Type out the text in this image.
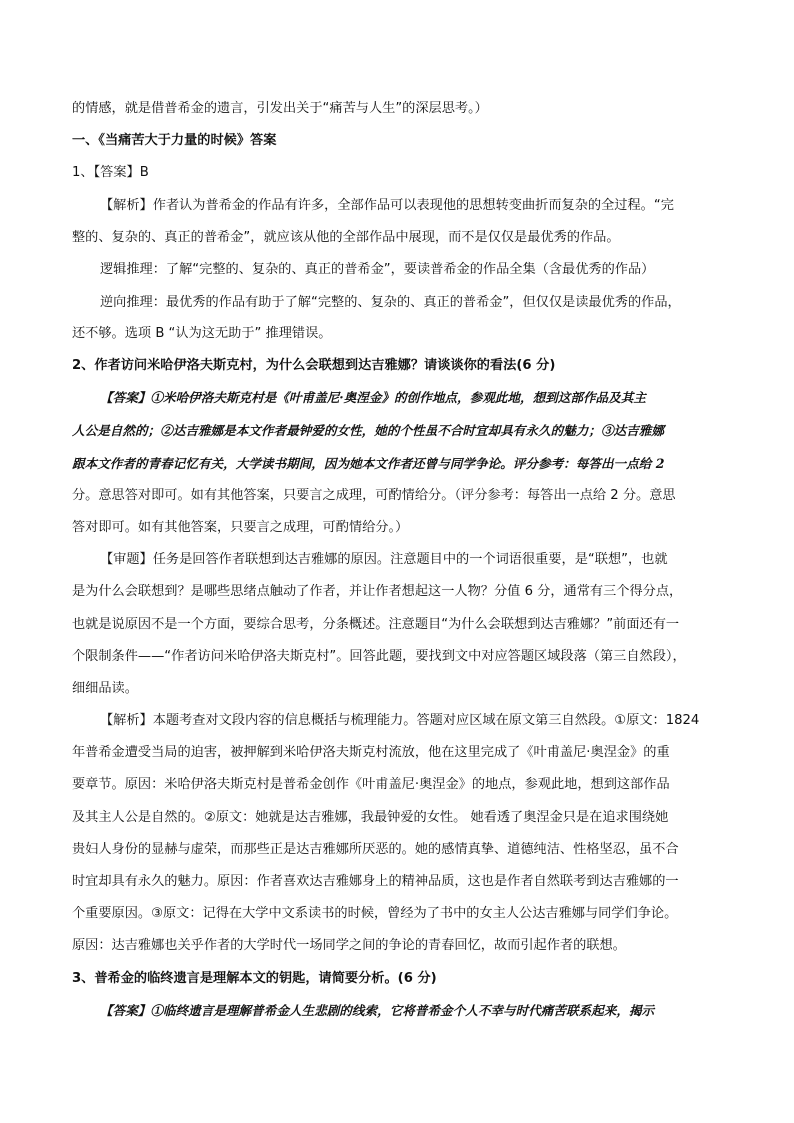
的情感，就是借普希金的遗言，引发出关于“痛苦与人生”的深层思考。）
一、《当痛苦大于力量的时候》答案
1、【答案】B
【解析】作者认为普希金的作品有许多，全部作品可以表现他的思想转变曲折而复杂的全过程。“完
整的、复杂的、真正的普希金”，就应该从他的全部作品中展现，而不是仅仅是最优秀的作品。
逻辑推理：了解“完整的、复杂的、真正的普希金”，要读普希金的作品全集（含最优秀的作品）
逆向推理：最优秀的作品有助于了解“完整的、复杂的、真正的普希金”，但仅仅是读最优秀的作品，
还不够。选项 B “认为这无助于” 推理错误。
2、作者访问米哈伊洛夫斯克村，为什么会联想到达吉雅娜？请谈谈你的看法(6 分)
【答案】①米哈伊洛夫斯克村是《叶甫盖尼·奥涅金》的创作地点，参观此地，想到这部作品及其主
人公是自然的；②达吉雅娜是本文作者最钟爱的女性，她的个性虽不合时宜却具有永久的魅力；③达吉雅娜
跟本文作者的青春记忆有关，大学读书期间，因为她本文作者还曾与同学争论。评分参考：每答出一点给 2
分。意思答对即可。如有其他答案，只要言之成理，可酌情给分。（评分参考：每答出一点给 2 分。意思
答对即可。如有其他答案，只要言之成理，可酌情给分。）
【审题】任务是回答作者联想到达吉雅娜的原因。注意题目中的一个词语很重要，是“联想”，也就
是为什么会联想到？是哪些思绪点触动了作者，并让作者想起这一人物？分值 6 分，通常有三个得分点，
也就是说原因不是一个方面，要综合思考，分条概述。注意题目“为什么会联想到达吉雅娜？”前面还有一
个限制条件——“作者访问米哈伊洛夫斯克村”。回答此题，要找到文中对应答题区域段落（第三自然段），
细细品读。
【解析】本题考查对文段内容的信息概括与梳理能力。答题对应区域在原文第三自然段。①原文：1824
年普希金遭受当局的迫害，被押解到米哈伊洛夫斯克村流放，他在这里完成了《叶甫盖尼·奥涅金》的重
要章节。原因：米哈伊洛夫斯克村是普希金创作《叶甫盖尼·奥涅金》的地点，参观此地，想到这部作品
及其主人公是自然的。②原文：她就是达吉雅娜，我最钟爱的女性。 她看透了奥涅金只是在追求围绕她
贵妇人身份的显赫与虚荣，而那些正是达吉雅娜所厌恶的。她的感情真挚、道德纯洁、性格坚忍，虽不合
时宜却具有永久的魅力。原因：作者喜欢达吉雅娜身上的精神品质，这也是作者自然联考到达吉雅娜的一
个重要原因。③原文：记得在大学中文系读书的时候，曾经为了书中的女主人公达吉雅娜与同学们争论。
原因：达吉雅娜也关乎作者的大学时代一场同学之间的争论的青春回忆，故而引起作者的联想。
3、普希金的临终遗言是理解本文的钥匙，请简要分析。(6 分)
【答案】①临终遗言是理解普希金人生悲剧的线索，它将普希金个人不幸与时代痛苦联系起来，揭示
